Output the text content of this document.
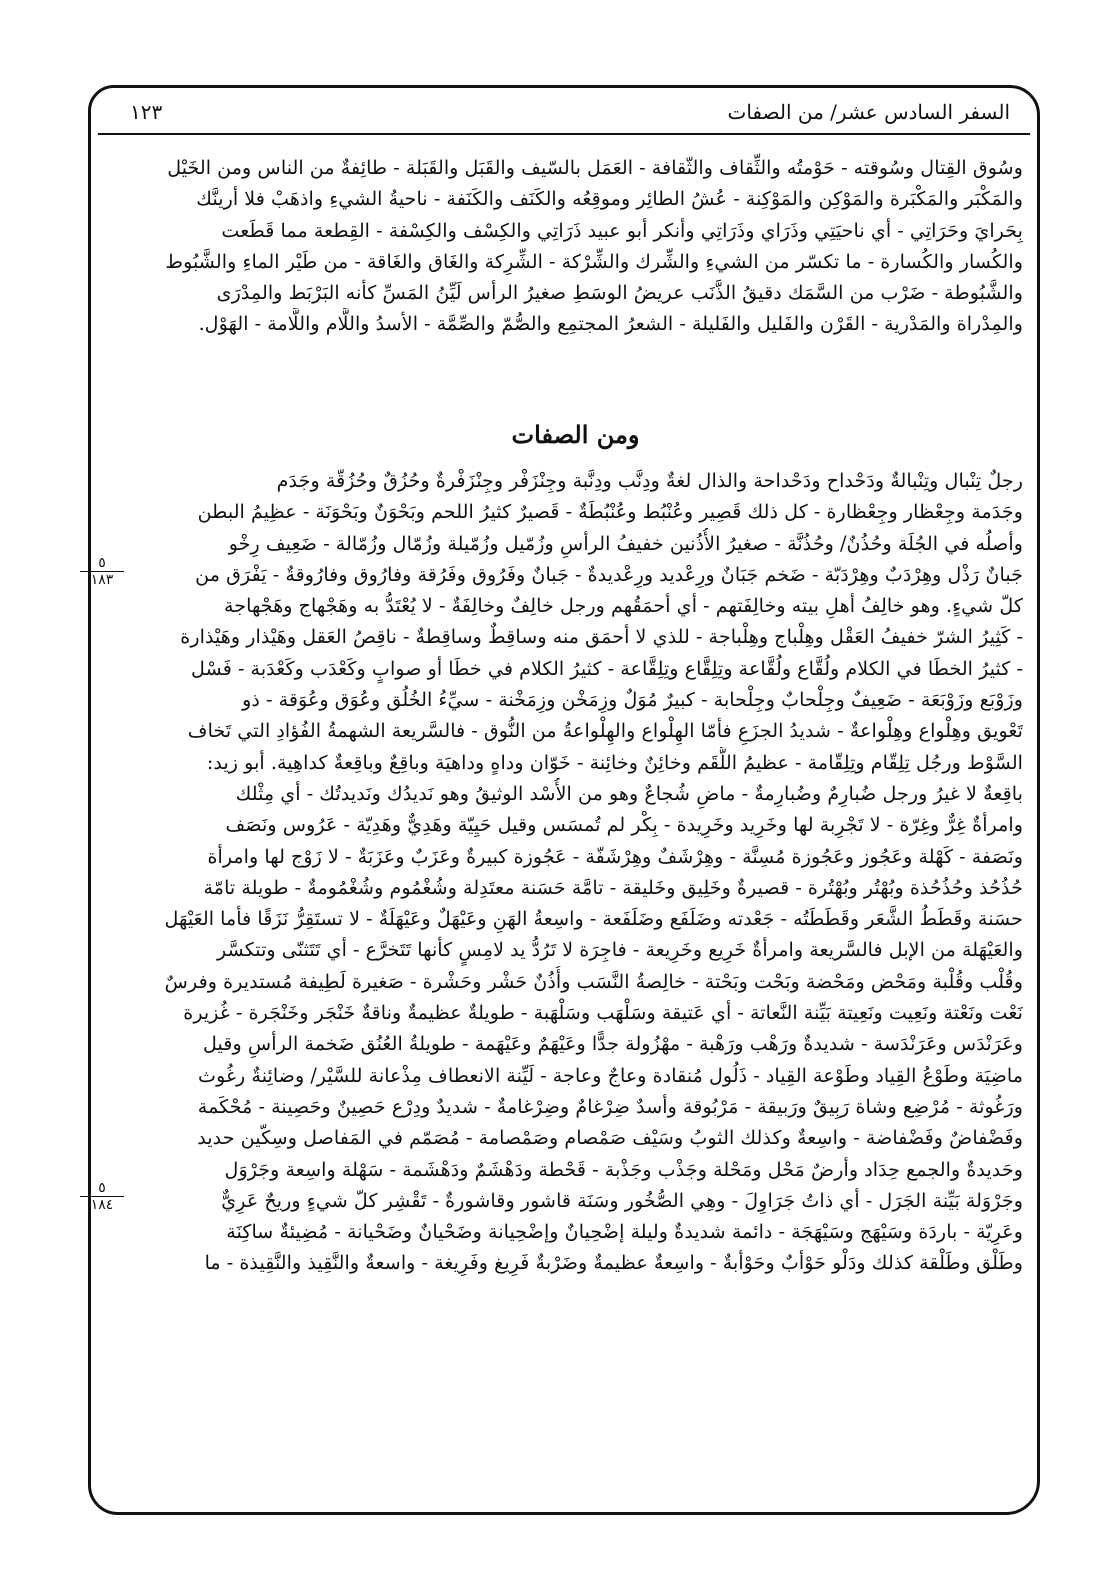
السفر السادس عشر/ من الصفات
١٢٣
وسُوق القِتال وسُوقته - حَوْمتُه والثِّقاف والثّقافة - العَمَل بالسّيف والقَبَل والقَبَلة - طائِفةٌ من الناس ومن الخَيْل
والمَكْبَر والمَكْبَرة والمَوْكِن والمَوْكِنة - عُشُ الطائِر وموقِعُه والكَنَف والكَنَفة - ناحيةُ الشيءِ واذهَبْ فلا أرينَّك
بِحَرايَ وحَرَاتِي - أي ناحيَتِي وذَرَاي وذَرَاتِي وأنكر أبو عبيد ذَرَاتِي والكِسْف والكِسْفة - القِطعة مما قَطَعت
والكُسار والكُسارة - ما تكسّر من الشيءِ والشِّرك والشِّرْكة - الشِّرِكة والغَاق والغَاقة - من طَيْر الماءِ والشَّبُوط
والشَّبُوطة - ضَرْب من السَّمَك دقيقُ الذَّنَب عريضُ الوسَطِ صغيرُ الرأس لَيِّنُ المَسِّ كأنه البَرْبَط والمِدْرَى
والمِدْراة والمَدْرية - القَرْن والفَليل والفَليلة - الشعرُ المجتمِع والصُّمّ والصِّمَّة - الأسدُ واللَّام واللَّامة - الهَوْل.
ومن الصفات
رجلٌ تِنْبال وتِنْبالةٌ ودَحْداح ودَحْداحة والذال لغةٌ ودِنَّب ودِنَّبة وجِنْزَفْر وجِنْزَفْرةٌ وحُزُقٌ وحُزُقّة وجَدَم
وجَدَمة وجِعْظار وجِعْظارة - كل ذلك قَصِير وعُنْبُط وعُنْبُطَةٌ - قَصيرٌ كثيرُ اللحم وبَحْوَنٌ وبَحْوَنَة - عظِيمُ البطن
وأصلُه في الجُلَة وحُذُنٌ/ وحُذُنَّة - صغيرُ الأُذُنين خفيفُ الرأسِ وزُمّيل وزُمّيلة وزُمّال وزُمّالة - ضَعِيف رِخْو
جَبانٌ رَذْل وهِرْدَبٌ وهِرْدَبّة - ضَخم جَبَانٌ ورِعْديد ورِعْديدةٌ - جَبانٌ وفَرُوق وفَرُقة وفارُوق وفارُوقةٌ - يَفْرَق من
كلّ شيءٍ. وهو خالِفُ أهلِ بيته وخالِفَتهم - أي أحمَقُهم ورجل خالِفٌ وخالِفَةٌ - لا يُعْتَدُّ به وهَجْهاج وهَجْهاجة
- كَثِيرُ الشرّ خفيفُ العَقْل وهِلْباج وهِلْباجة - للذي لا أحمَق منه وساقِطٌ وساقِطةٌ - ناقِصُ العَقل وهَيْذار وهَيْذارة
- كثيرُ الخطَا في الكلام ولُقَّاع ولُقَّاعة وتِلِقَّاع وتِلِقَّاعة - كثيرُ الكلام في خطَا أو صوابٍ وكَعْدَب وكَعْدَبة - فَسْل
وزَوْبَع وزَوْبَعَة - ضَعِيفٌ وجِلْحابٌ وجِلْحابة - كبيرٌ مُوَلٌ وزِمَخْن وزِمَخْنة - سيِّءُ الخُلُق وعُوَق وعُوَقة - ذو
تَعْويق وهِلْواع وهِلْواعةٌ - شديدُ الجزَعِ فأمّا الهِلْواع والهِلْواعةُ من النُّوق - فالسَّريعة الشهمةُ الفُؤادِ التي تَخاف
السَّوْط ورجُل تِلِقّام وتِلِقّامة - عظيمُ اللُّقَم وخائِنٌ وخائِنة - خَوّان وداهٍ وداهيَة وباقِعٌ وباقِعةٌ كداهِية. أبو زيد:
باقِعةٌ لا غيرُ ورجل ضُبارِمٌ وضُبارِمةٌ - ماضٍ شُجاعٌ وهو من الأُسْد الوثيقُ وهو نَديدُك ونَديدتُك - أي مِثْلك
وامرأةٌ غِرٌّ وغِرّة - لا تَجْرِبة لها وخَرِيد وخَرِيدة - بِكْر لم تُمسَس وقيل حَيِيّة وهَدِيٌّ وهَدِيّة - عَرُوس ونَصَف
ونَصَفة - كَهْلة وعَجُوز وعَجُوزة مُسِنَّة - وهِرْشَفٌ وهِرْشَفّة - عَجُوزة كبيرةٌ وعَزَبٌ وعَزَبَةٌ - لا زَوْج لها وامرأة
حُذُحُذ وحُذُحُذة وبُهْتُر وبُهْتُرة - قصيرةٌ وخَلِيق وخَليقة - تامَّة حَسَنة معتَدِلة وشُغْمُوم وشُغْمُومةٌ - طويلة تامّة
حسَنة وقَطَطُ الشَّعَر وقَطَطَتُه - جَعْدته وضَلَفَع وضَلَفَعة - واسِعةُ الهَنِ وعَيْهَلٌ وعَيْهَلَةٌ - لا تستَقِرُّ نَزَقًا فأما العَيْهَل
والعَيْهَلة من الإبل فالسَّريعة وامرأةٌ خَرِيع وخَرِيعة - فاجِرَة لا تَرُدُّ يد لامِسٍ كأنها تَتَخرَّع - أي تَتَثنّى وتتكسَّر
وقُلْب وقُلْبة ومَحْض ومَحْضة وبَحْت وبَحْتة - خالِصةُ النَّسَب وأُذُنٌ حَشْر وحَشْرة - صَغيرة لَطِيفة مُستديرة وفرسٌ
نَعْت ونَعْتة ونَعِيت ونَعِيتة بَيِّنة النَّعاتة - أي عَتيقة وسَلْهَب وسَلْهَبة - طويلةٌ عظيمةٌ وناقةٌ خَنْجَر وخَنْجَرة - غُزيرة
وعَرَنْدَس وعَرَنْدَسة - شديدةٌ ورَهْب ورَهْبة - مهْزُولة جدًّا وعَيْهَمٌ وعَيْهَمة - طويلةُ العُنُق ضَخمة الرأسِ وقيل
ماضِيَة وطَوْعُ القِياد وطَوْعة القِياد - ذَلُول مُنقادة وعاجٌ وعاجة - لَيِّنة الانعطاف مِذْعانة للسَّيْر/ وضائِنةٌ رغُوث
ورَغُوثة - مُرْضِع وشاة رَبِيقٌ ورَبيقة - مَرْبُوقة وأسدٌ ضِرْغامٌ وضِرْغامةٌ - شديدٌ ودِرْع حَصِينٌ وحَصِينة - مُحْكَمة
وفَضْفاضٌ وفَضْفاضة - واسِعةٌ وكذلك الثوبُ وسَيْف صَمْصام وصَمْصامة - مُصَمّم في المَفاصل وسِكّين حديد
وحَديدةٌ والجمع حِدَاد وأرضٌ مَحْل ومَحْلة وجَذْب وجَذْبة - قَحْطة ودَهْشَمٌ ودَهْشَمة - سَهْلة واسِعة وجَرْوَل
وجَرْوَلة بَيِّنة الجَرَل - أي ذاتُ جَرَاوِلَ - وهِي الصُّخُور وسَنَة قاشور وقاشورةٌ - تَقْشِر كلّ شيءٍ وريحٌ عَرِيٌّ
وعَرِيّة - باردَة وسَيْهَج وسَيْهَجَة - دائمة شديدةٌ وليلة إضْحِيانٌ وإضْحِيانة وضَحْيانٌ وضَحْيانة - مُضِيئةٌ ساكِنَة
وطَلْق وطَلْقة كذلك ودَلْو حَوْأبٌ وحَوْأبةٌ - واسِعةٌ عظيمةٌ وضَرْبةٌ فَرِيغ وفَرِيغة - واسعةٌ والنَّقِيذ والنَّقِيذة - ما
٥
١٨٣
٥
١٨٤
